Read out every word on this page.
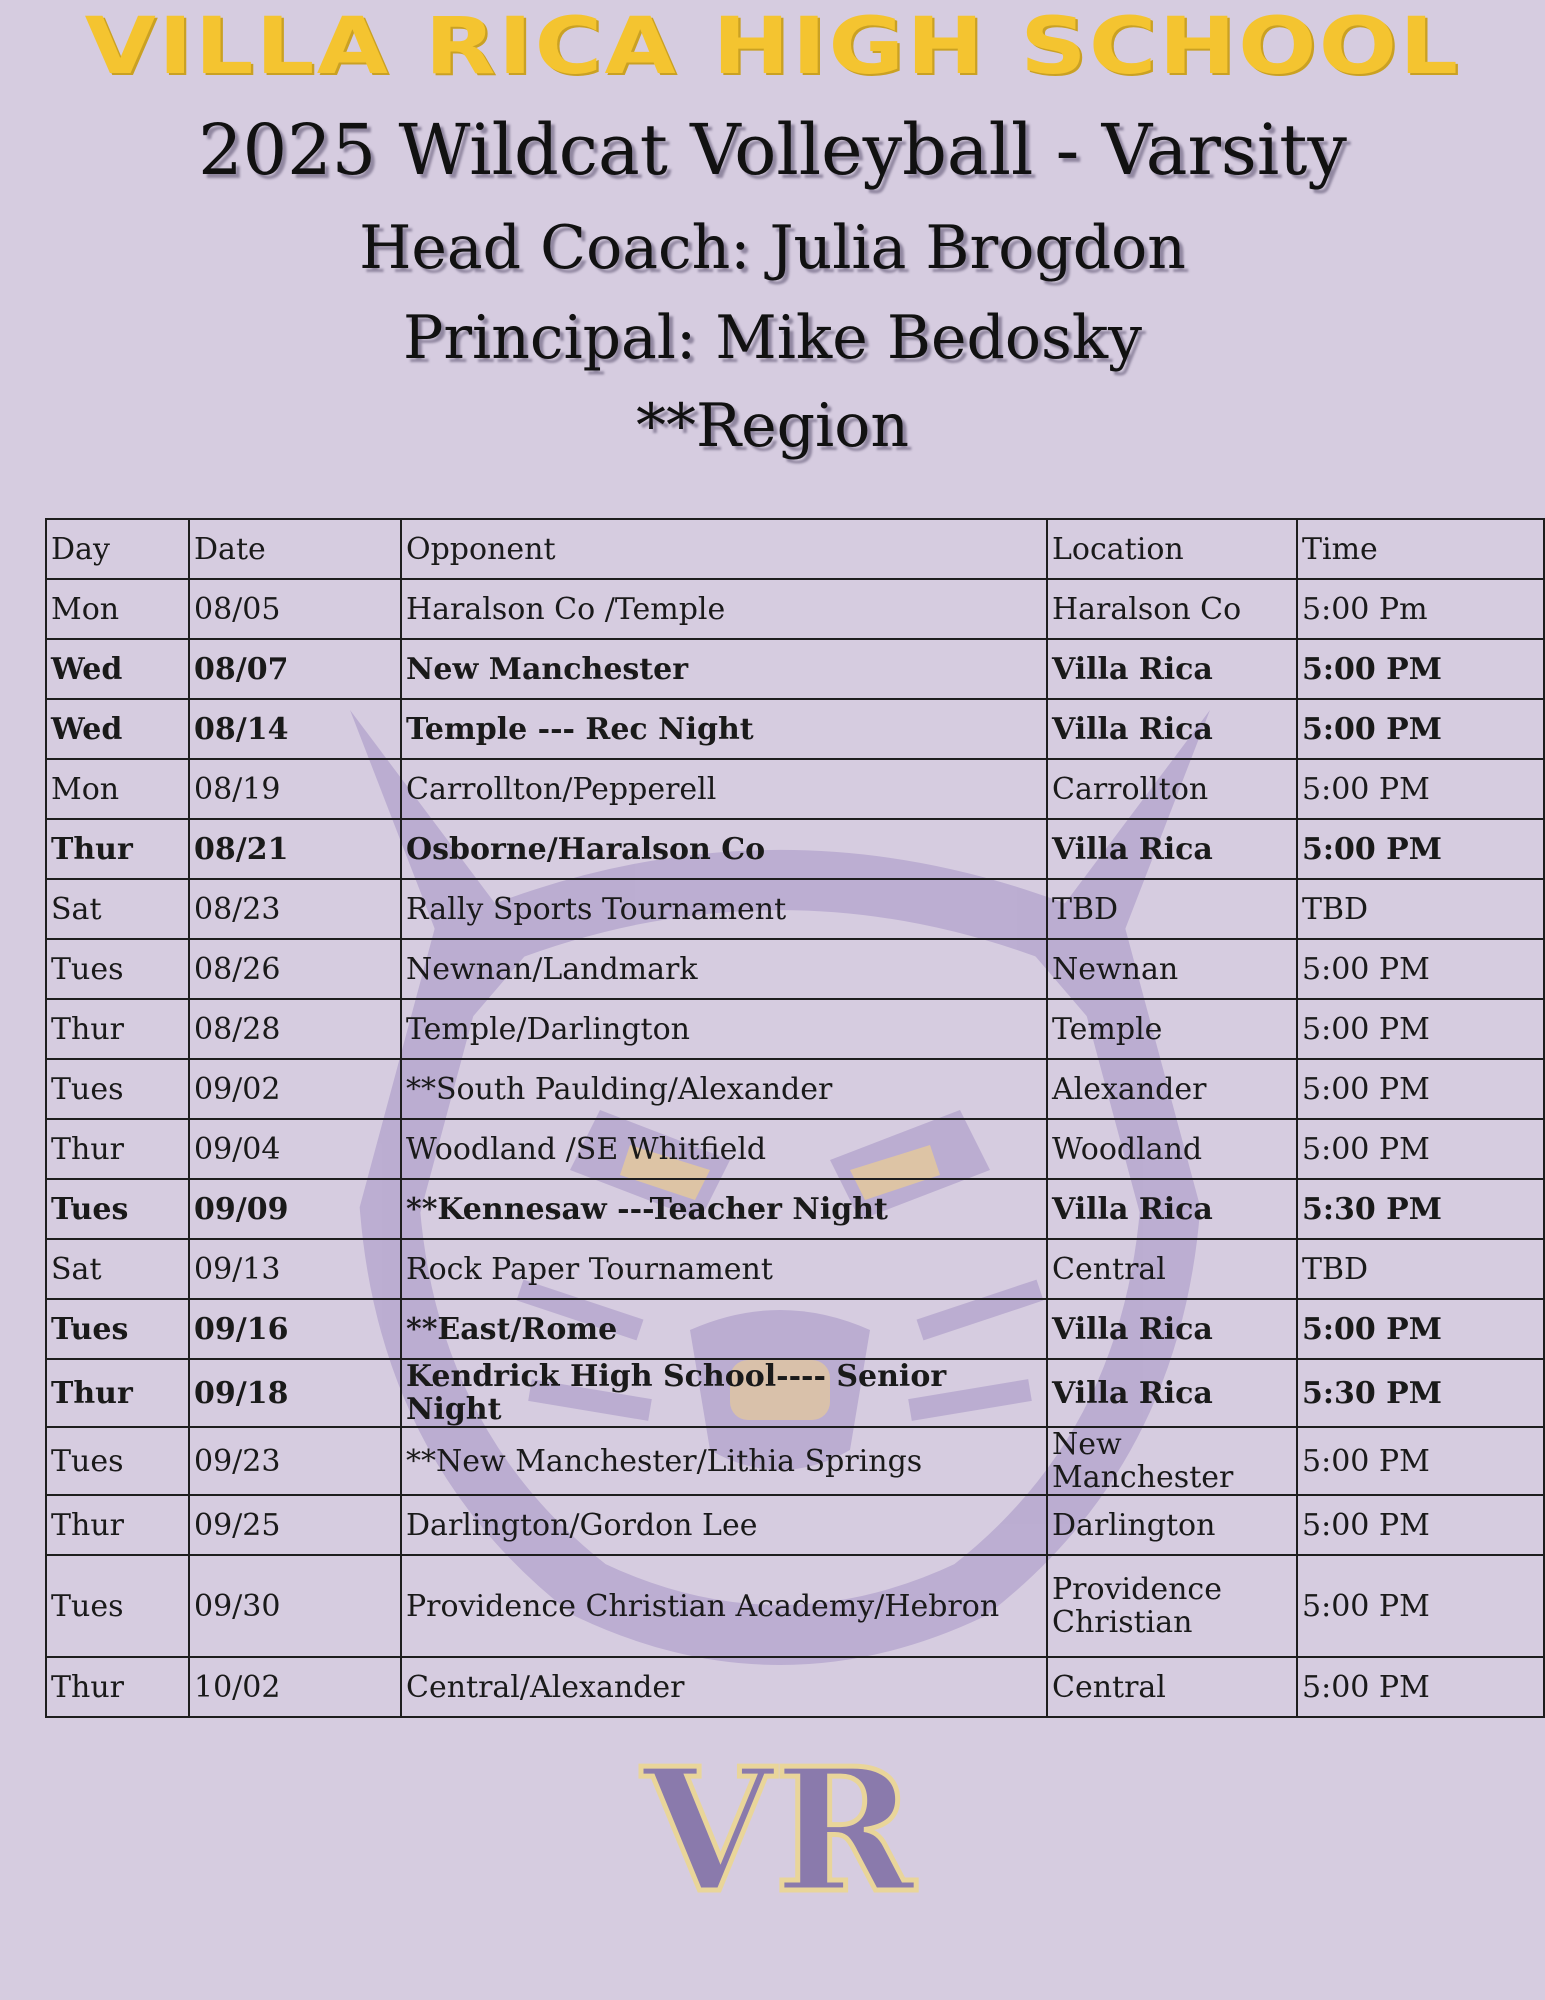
VILLA RICA HIGH SCHOOL
2025 Wildcat Volleyball - Varsity
Head Coach: Julia Brogdon
Principal: Mike Bedosky
**Region
Day	Date	Opponent	Location	Time
Mon	08/05	Haralson Co /Temple	Haralson Co	5:00 Pm
Wed	08/07	New Manchester	Villa Rica	5:00 PM
Wed	08/14	Temple --- Rec Night	Villa Rica	5:00 PM
Mon	08/19	Carrollton/Pepperell	Carrollton	5:00 PM
Thur	08/21	Osborne/Haralson Co	Villa Rica	5:00 PM
Sat	08/23	Rally Sports Tournament	TBD	TBD
Tues	08/26	Newnan/Landmark	Newnan	5:00 PM
Thur	08/28	Temple/Darlington	Temple	5:00 PM
Tues	09/02	**South Paulding/Alexander	Alexander	5:00 PM
Thur	09/04	Woodland /SE Whitfield	Woodland	5:00 PM
Tues	09/09	**Kennesaw ---Teacher Night	Villa Rica	5:30 PM
Sat	09/13	Rock Paper Tournament	Central	TBD
Tues	09/16	**East/Rome	Villa Rica	5:00 PM
Thur	09/18	Kendrick High School---- Senior Night	Villa Rica	5:30 PM
Tues	09/23	**New Manchester/Lithia Springs	New Manchester	5:00 PM
Thur	09/25	Darlington/Gordon Lee	Darlington	5:00 PM
Tues	09/30	Providence Christian Academy/Hebron	Providence Christian	5:00 PM
Thur	10/02	Central/Alexander	Central	5:00 PM
VR
